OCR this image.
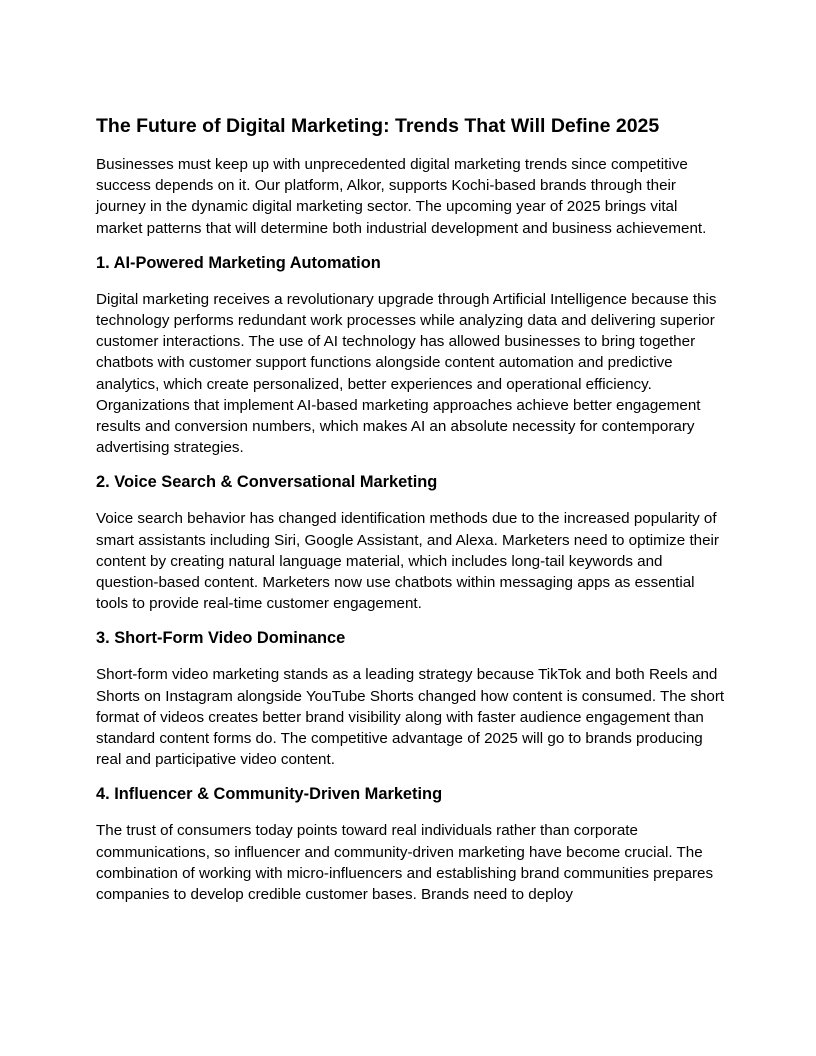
The Future of Digital Marketing: Trends That Will Define 2025

Businesses must keep up with unprecedented digital marketing trends since competitive success depends on it. Our platform, Alkor, supports Kochi-based brands through their journey in the dynamic digital marketing sector. The upcoming year of 2025 brings vital market patterns that will determine both industrial development and business achievement.

1. AI-Powered Marketing Automation

Digital marketing receives a revolutionary upgrade through Artificial Intelligence because this technology performs redundant work processes while analyzing data and delivering superior customer interactions. The use of AI technology has allowed businesses to bring together chatbots with customer support functions alongside content automation and predictive analytics, which create personalized, better experiences and operational efficiency. Organizations that implement AI-based marketing approaches achieve better engagement results and conversion numbers, which makes AI an absolute necessity for contemporary advertising strategies.

2. Voice Search & Conversational Marketing

Voice search behavior has changed identification methods due to the increased popularity of smart assistants including Siri, Google Assistant, and Alexa. Marketers need to optimize their content by creating natural language material, which includes long-tail keywords and question-based content. Marketers now use chatbots within messaging apps as essential tools to provide real-time customer engagement.

3. Short-Form Video Dominance

Short-form video marketing stands as a leading strategy because TikTok and both Reels and Shorts on Instagram alongside YouTube Shorts changed how content is consumed. The short format of videos creates better brand visibility along with faster audience engagement than standard content forms do. The competitive advantage of 2025 will go to brands producing real and participative video content.

4. Influencer & Community-Driven Marketing

The trust of consumers today points toward real individuals rather than corporate communications, so influencer and community-driven marketing have become crucial. The combination of working with micro-influencers and establishing brand communities prepares companies to develop credible customer bases. Brands need to deploy
